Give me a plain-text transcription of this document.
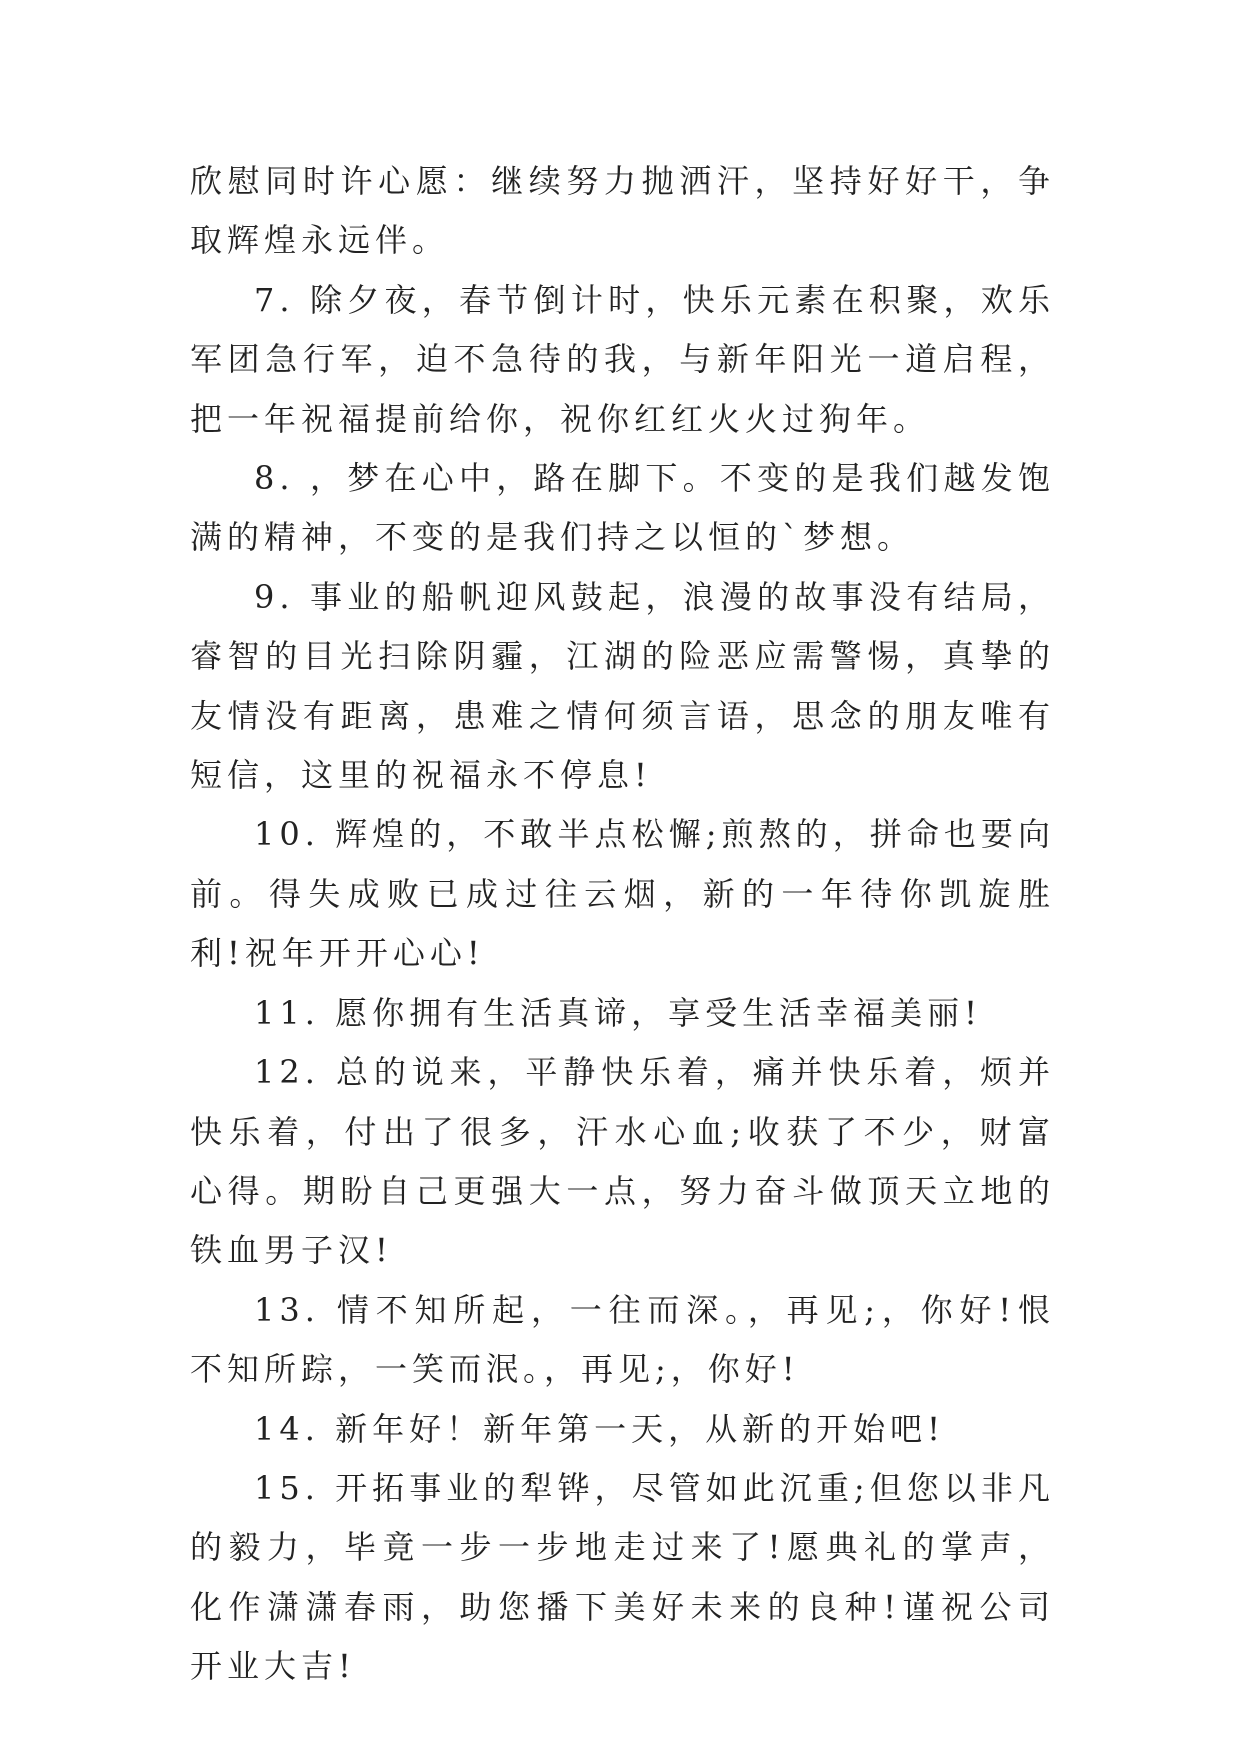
欣慰同时许心愿：继续努力抛洒汗，坚持好好干，争取辉煌永远伴。

7. 除夕夜，春节倒计时，快乐元素在积聚，欢乐军团急行军，迫不急待的我，与新年阳光一道启程，把一年祝福提前给你，祝你红红火火过狗年。

8. ，梦在心中，路在脚下。不变的是我们越发饱满的精神，不变的是我们持之以恒的`梦想。

9. 事业的船帆迎风鼓起，浪漫的故事没有结局，睿智的目光扫除阴霾，江湖的险恶应需警惕，真挚的友情没有距离，患难之情何须言语，思念的朋友唯有短信，这里的祝福永不停息!

10. 辉煌的，不敢半点松懈;煎熬的，拼命也要向前。得失成败已成过往云烟，新的一年待你凯旋胜利!祝年开开心心!

11. 愿你拥有生活真谛，享受生活幸福美丽!

12. 总的说来，平静快乐着，痛并快乐着，烦并快乐着，付出了很多，汗水心血;收获了不少，财富心得。期盼自己更强大一点，努力奋斗做顶天立地的铁血男子汉!

13. 情不知所起，一往而深。，再见;，你好!恨不知所踪，一笑而泯。，再见;，你好!

14. 新年好！新年第一天，从新的开始吧!

15. 开拓事业的犁铧，尽管如此沉重;但您以非凡的毅力，毕竟一步一步地走过来了!愿典礼的掌声，化作潇潇春雨，助您播下美好未来的良种!谨祝公司开业大吉!
